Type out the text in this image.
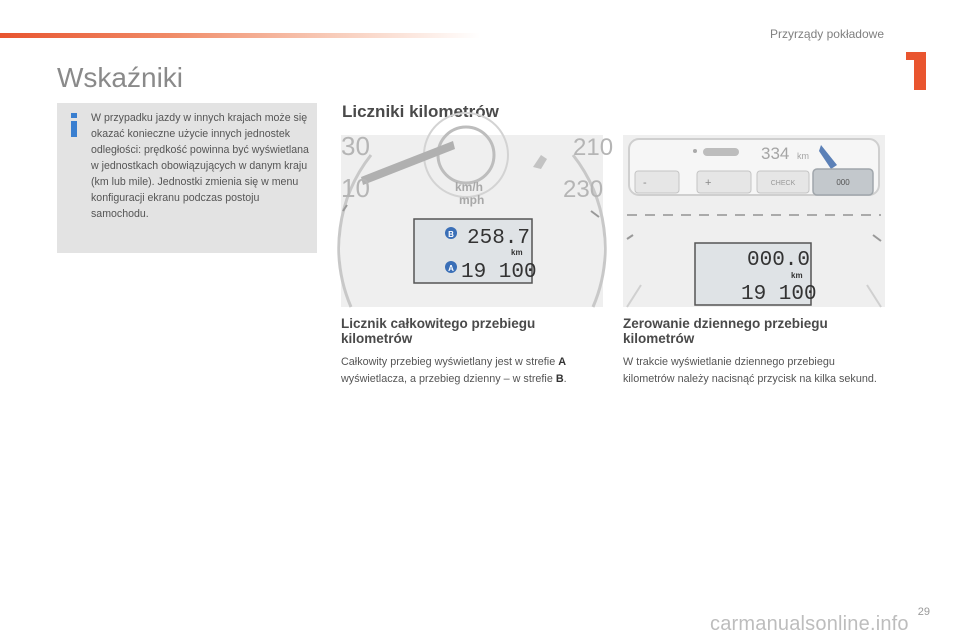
Przyrządy pokładowe
Wskaźniki

W przypadku jazdy w innych krajach może się okazać konieczne użycie innych jednostek odległości: prędkość powinna być wyświetlana w jednostkach obowiązujących w danym kraju (km lub mile). Jednostki zmienia się w menu konfiguracji ekranu podczas postoju samochodu.

Liczniki kilometrów
30	210
10	230
km/h
mph
B
A
258.7
km
19 100
334 km
-	+	CHECK	000
000.0
km
19 100
Licznik całkowitego przebiegu kilometrów

Całkowity przebieg wyświetlany jest w strefie A wyświetlacza, a przebieg dzienny – w strefie B.

Zerowanie dziennego przebiegu kilometrów

W trakcie wyświetlanie dziennego przebiegu kilometrów należy nacisnąć przycisk na kilka sekund.

29
carmanualsonline.info
